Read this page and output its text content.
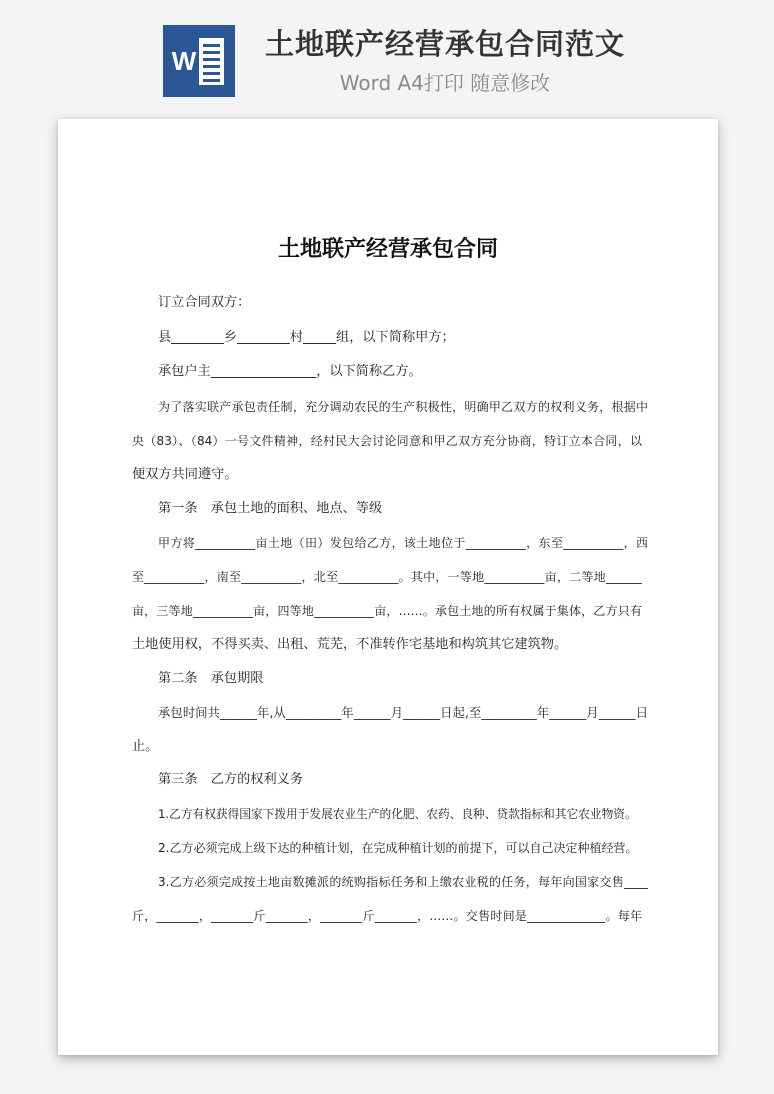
W 土地联产经营承包合同范文
Word A4打印 随意修改
土地联产经营承包合同
订立合同双方：
县________乡________村_____组，以下简称甲方；
承包户主________________，以下简称乙方。
为了落实联产承包责任制，充分调动农民的生产积极性，明确甲乙双方的权利义务，根据中
央（83）、（84）一号文件精神，经村民大会讨论同意和甲乙双方充分协商，特订立本合同，以
便双方共同遵守。
第一条　承包土地的面积、地点、等级
甲方将__________亩土地（田）发包给乙方，该土地位于__________，东至__________，西
至__________，南至__________，北至__________。其中，一等地__________亩，二等地______
亩，三等地__________亩，四等地__________亩，……。承包土地的所有权属于集体，乙方只有
土地使用权，不得买卖、出租、荒芜，不准转作宅基地和构筑其它建筑物。
第二条　承包期限
承包时间共______年,从_________年______月______日起,至_________年______月______日
止。
第三条　乙方的权利义务
1.乙方有权获得国家下拨用于发展农业生产的化肥、农药、良种、贷款指标和其它农业物资。
2.乙方必须完成上级下达的种植计划，在完成种植计划的前提下，可以自己决定种植经营。
3.乙方必须完成按土地亩数摊派的统购指标任务和上缴农业税的任务，每年向国家交售____
斤，_______，_______斤_______，_______斤_______，……。交售时间是_____________。每年
